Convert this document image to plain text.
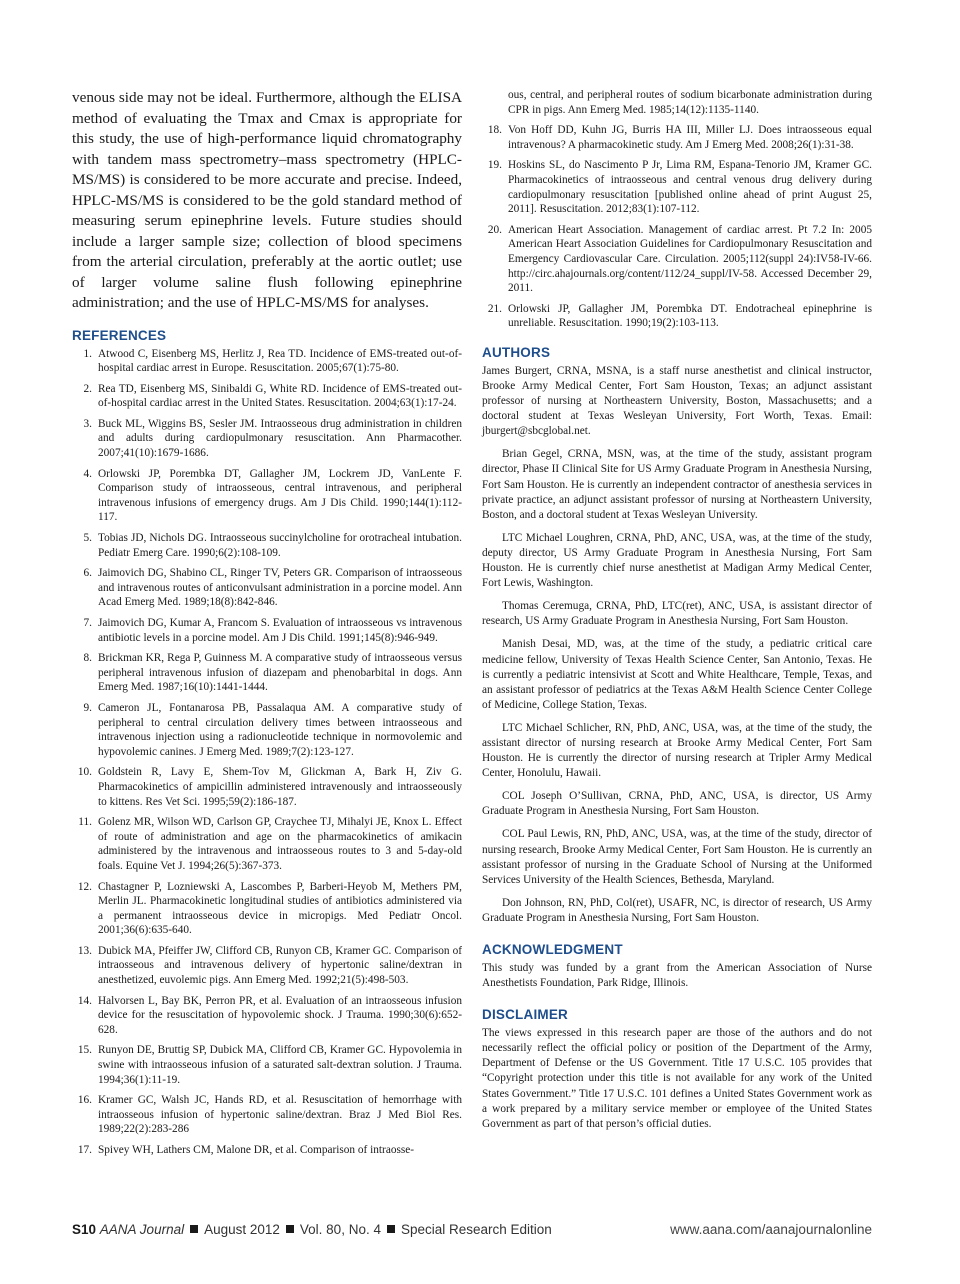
venous side may not be ideal. Furthermore, although the ELISA method of evaluating the Tmax and Cmax is appropriate for this study, the use of high-performance liquid chromatography with tandem mass spectrometry–mass spectrometry (HPLC-MS/MS) is considered to be more accurate and precise. Indeed, HPLC-MS/MS is considered to be the gold standard method of measuring serum epinephrine levels. Future studies should include a larger sample size; collection of blood specimens from the arterial circulation, preferably at the aortic outlet; use of larger volume saline flush following epinephrine administration; and the use of HPLC-MS/MS for analyses.

REFERENCES
1. Atwood C, Eisenberg MS, Herlitz J, Rea TD. Incidence of EMS-treated out-of-hospital cardiac arrest in Europe. Resuscitation. 2005;67(1):75-80.
2. Rea TD, Eisenberg MS, Sinibaldi G, White RD. Incidence of EMS-treated out-of-hospital cardiac arrest in the United States. Resuscitation. 2004;63(1):17-24.
3. Buck ML, Wiggins BS, Sesler JM. Intraosseous drug administration in children and adults during cardiopulmonary resuscitation. Ann Pharmacother. 2007;41(10):1679-1686.
4. Orlowski JP, Porembka DT, Gallagher JM, Lockrem JD, VanLente F. Comparison study of intraosseous, central intravenous, and peripheral intravenous infusions of emergency drugs. Am J Dis Child. 1990;144(1):112-117.
5. Tobias JD, Nichols DG. Intraosseous succinylcholine for orotracheal intubation. Pediatr Emerg Care. 1990;6(2):108-109.
6. Jaimovich DG, Shabino CL, Ringer TV, Peters GR. Comparison of intraosseous and intravenous routes of anticonvulsant administration in a porcine model. Ann Acad Emerg Med. 1989;18(8):842-846.
7. Jaimovich DG, Kumar A, Francom S. Evaluation of intraosseous vs intravenous antibiotic levels in a porcine model. Am J Dis Child. 1991;145(8):946-949.
8. Brickman KR, Rega P, Guinness M. A comparative study of intraosseous versus peripheral intravenous infusion of diazepam and phenobarbital in dogs. Ann Emerg Med. 1987;16(10):1441-1444.
9. Cameron JL, Fontanarosa PB, Passalaqua AM. A comparative study of peripheral to central circulation delivery times between intraosseous and intravenous injection using a radionucleotide technique in normovolemic and hypovolemic canines. J Emerg Med. 1989;7(2):123-127.
10. Goldstein R, Lavy E, Shem-Tov M, Glickman A, Bark H, Ziv G. Pharmacokinetics of ampicillin administered intravenously and intraosseously to kittens. Res Vet Sci. 1995;59(2):186-187.
11. Golenz MR, Wilson WD, Carlson GP, Craychee TJ, Mihalyi JE, Knox L. Effect of route of administration and age on the pharmacokinetics of amikacin administered by the intravenous and intraosseous routes to 3 and 5-day-old foals. Equine Vet J. 1994;26(5):367-373.
12. Chastagner P, Lozniewski A, Lascombes P, Barberi-Heyob M, Methers PM, Merlin JL. Pharmacokinetic longitudinal studies of antibiotics administered via a permanent intraosseous device in micropigs. Med Pediatr Oncol. 2001;36(6):635-640.
13. Dubick MA, Pfeiffer JW, Clifford CB, Runyon CB, Kramer GC. Comparison of intraosseous and intravenous delivery of hypertonic saline/dextran in anesthetized, euvolemic pigs. Ann Emerg Med. 1992;21(5):498-503.
14. Halvorsen L, Bay BK, Perron PR, et al. Evaluation of an intraosseous infusion device for the resuscitation of hypovolemic shock. J Trauma. 1990;30(6):652-628.
15. Runyon DE, Bruttig SP, Dubick MA, Clifford CB, Kramer GC. Hypovolemia in swine with intraosseous infusion of a saturated salt-dextran solution. J Trauma. 1994;36(1):11-19.
16. Kramer GC, Walsh JC, Hands RD, et al. Resuscitation of hemorrhage with intraosseous infusion of hypertonic saline/dextran. Braz J Med Biol Res. 1989;22(2):283-286
17. Spivey WH, Lathers CM, Malone DR, et al. Comparison of intraosse-
ous, central, and peripheral routes of sodium bicarbonate administration during CPR in pigs. Ann Emerg Med. 1985;14(12):1135-1140.
18. Von Hoff DD, Kuhn JG, Burris HA III, Miller LJ. Does intraosseous equal intravenous? A pharmacokinetic study. Am J Emerg Med. 2008;26(1):31-38.
19. Hoskins SL, do Nascimento P Jr, Lima RM, Espana-Tenorio JM, Kramer GC. Pharmacokinetics of intraosseous and central venous drug delivery during cardiopulmonary resuscitation [published online ahead of print August 25, 2011]. Resuscitation. 2012;83(1):107-112.
20. American Heart Association. Management of cardiac arrest. Pt 7.2 In: 2005 American Heart Association Guidelines for Cardiopulmonary Resuscitation and Emergency Cardiovascular Care. Circulation. 2005;112(suppl 24):IV58-IV-66. http://circ.ahajournals.org/content/112/24_suppl/IV-58. Accessed December 29, 2011.
21. Orlowski JP, Gallagher JM, Porembka DT. Endotracheal epinephrine is unreliable. Resuscitation. 1990;19(2):103-113.
AUTHORS

James Burgert, CRNA, MSNA, is a staff nurse anesthetist and clinical instructor, Brooke Army Medical Center, Fort Sam Houston, Texas; an adjunct assistant professor of nursing at Northeastern University, Boston, Massachusetts; and a doctoral student at Texas Wesleyan University, Fort Worth, Texas. Email: jburgert@sbcglobal.net.

Brian Gegel, CRNA, MSN, was, at the time of the study, assistant program director, Phase II Clinical Site for US Army Graduate Program in Anesthesia Nursing, Fort Sam Houston. He is currently an independent contractor of anesthesia services in private practice, an adjunct assistant professor of nursing at Northeastern University, Boston, and a doctoral student at Texas Wesleyan University.

LTC Michael Loughren, CRNA, PhD, ANC, USA, was, at the time of the study, deputy director, US Army Graduate Program in Anesthesia Nursing, Fort Sam Houston. He is currently chief nurse anesthetist at Madigan Army Medical Center, Fort Lewis, Washington.

Thomas Ceremuga, CRNA, PhD, LTC(ret), ANC, USA, is assistant director of research, US Army Graduate Program in Anesthesia Nursing, Fort Sam Houston.

Manish Desai, MD, was, at the time of the study, a pediatric critical care medicine fellow, University of Texas Health Science Center, San Antonio, Texas. He is currently a pediatric intensivist at Scott and White Healthcare, Temple, Texas, and an assistant professor of pediatrics at the Texas A&M Health Science Center College of Medicine, College Station, Texas.

LTC Michael Schlicher, RN, PhD, ANC, USA, was, at the time of the study, the assistant director of nursing research at Brooke Army Medical Center, Fort Sam Houston. He is currently the director of nursing research at Tripler Army Medical Center, Honolulu, Hawaii.

COL Joseph O’Sullivan, CRNA, PhD, ANC, USA, is director, US Army Graduate Program in Anesthesia Nursing, Fort Sam Houston.

COL Paul Lewis, RN, PhD, ANC, USA, was, at the time of the study, director of nursing research, Brooke Army Medical Center, Fort Sam Houston. He is currently an assistant professor of nursing in the Graduate School of Nursing at the Uniformed Services University of the Health Sciences, Bethesda, Maryland.

Don Johnson, RN, PhD, Col(ret), USAFR, NC, is director of research, US Army Graduate Program in Anesthesia Nursing, Fort Sam Houston.

ACKNOWLEDGMENT

This study was funded by a grant from the American Association of Nurse Anesthetists Foundation, Park Ridge, Illinois.

DISCLAIMER

The views expressed in this research paper are those of the authors and do not necessarily reflect the official policy or position of the Department of the Army, Department of Defense or the US Government. Title 17 U.S.C. 105 provides that “Copyright protection under this title is not available for any work of the United States Government.” Title 17 U.S.C. 101 defines a United States Government work as a work prepared by a military service member or employee of the United States Government as part of that person’s official duties.

S10 AANA Journal August 2012 Vol. 80, No. 4 Special Research Edition	www.aana.com/aanajournalonline
